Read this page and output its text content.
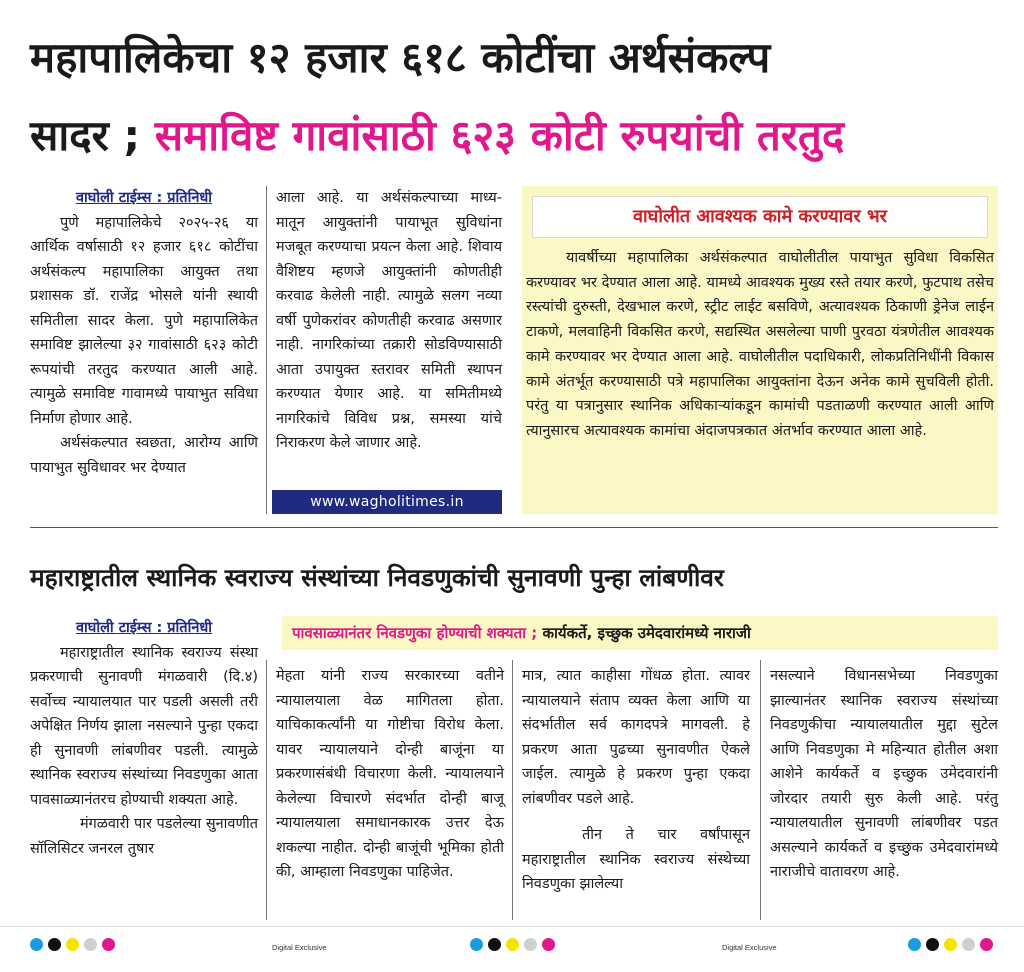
महापालिकेचा १२ हजार ६१८ कोटींचा अर्थसंकल्प
सादर ; समाविष्ट गावांसाठी ६२३ कोटी रुपयांची तरतुद
वाघोली टाईम्स : प्रतिनिधी

पुणे महापालिकेचे २०२५-२६ या आर्थिक वर्षासाठी १२ हजार ६१८ कोटींचा अर्थसंकल्प महापालिका आयुक्त तथा प्रशासक डॉ. राजेंद्र भोसले यांनी स्थायी समितीला सादर केला. पुणे महापालिकेत समाविष्ट झालेल्या ३२ गावांसाठी ६२३ कोटी रूपयांची तरतुद करण्यात आली आहे. त्यामुळे समाविष्ट गावामध्ये पायाभुत सविधा निर्माण होणार आहे.

अर्थसंकल्पात स्वछता, आरोग्य आणि पायाभुत सुविधावर भर देण्यात

आला आहे. या अर्थसंकल्पाच्या माध्य- मातून आयुक्तांनी पायाभूत सुविधांना मजबूत करण्याचा प्रयत्न केला आहे. शिवाय वैशिष्टय म्हणजे आयुक्तांनी कोणतीही करवाढ केलेली नाही. त्यामुळे सलग नव्या वर्षी पुणेकरांवर कोणतीही करवाढ असणार नाही. नागरिकांच्या तक्रारी सोडविण्यासाठी आता उपायुक्त स्तरावर समिती स्थापन करण्यात येणार आहे. या समितीमध्ये नागरिकांचे विविध प्रश्न, समस्या यांचे निराकरण केले जाणार आहे.

www.wagholitimes.in
वाघोलीत आवश्यक कामे करण्यावर भर
यावर्षीच्या महापालिका अर्थसंकल्पात वाघोलीतील पायाभुत सुविधा विकसित करण्यावर भर देण्यात आला आहे. यामध्ये आवश्यक मुख्य रस्ते तयार करणे, फुटपाथ तसेच रस्त्यांची दुरुस्ती, देखभाल करणे, स्ट्रीट लाईट बसविणे, अत्यावश्यक ठिकाणी ड्रेनेज लाईन टाकणे, मलवाहिनी विकसित करणे, सद्यस्थित असलेल्या पाणी पुरवठा यंत्रणेतील आवश्यक कामे करण्यावर भर देण्यात आला आहे. वाघोलीतील पदाधिकारी, लोकप्रतिनिधींनी विकास कामे अंतर्भूत करण्यासाठी पत्रे महापालिका आयुक्तांना देऊन अनेक कामे सुचविली होती. परंतु या पत्रानुसार स्थानिक अधिकाऱ्यांकडून कामांची पडताळणी करण्यात आली आणि त्यानुसारच अत्यावश्यक कामांचा अंदाजपत्रकात अंतर्भाव करण्यात आला आहे.
महाराष्ट्रातील स्थानिक स्वराज्य संस्थांच्या निवडणुकांची सुनावणी पुन्हा लांबणीवर
पावसाळ्यानंतर निवडणुका होण्याची शक्यता ; कार्यकर्ते, इच्छुक उमेदवारांमध्ये नाराजी
वाघोली टाईम्स : प्रतिनिधी

महाराष्ट्रातील स्थानिक स्वराज्य संस्था प्रकरणाची सुनावणी मंगळवारी (दि.४) सर्वोच्च न्यायालयात पार पडली असली तरी अपेक्षित निर्णय झाला नसल्याने पुन्हा एकदा ही सुनावणी लांबणीवर पडली. त्यामुळे स्थानिक स्वराज्य संस्थांच्या निवडणुका आता पावसाळ्यानंतरच होण्याची शक्यता आहे.

मंगळवारी पार पडलेल्या सुनावणीत सॉलिसिटर जनरल तुषार

मेहता यांनी राज्य सरकारच्या वतीने न्यायालयाला वेळ मागितला होता. याचिकाकर्त्यांनी या गोष्टीचा विरोध केला. यावर न्यायालयाने दोन्ही बाजूंना या प्रकरणासंबंधी विचारणा केली. न्यायालयाने केलेल्या विचारणे संदर्भात दोन्ही बाजू न्यायालयाला समाधानकारक उत्तर देऊ शकल्या नाहीत. दोन्ही बाजूंची भूमिका होती की, आम्हाला निवडणुका पाहिजेत.

मात्र, त्यात काहीसा गोंधळ होता. त्यावर न्यायालयाने संताप व्यक्त केला आणि या संदर्भातील सर्व कागदपत्रे मागवली. हे प्रकरण आता पुढच्या सुनावणीत ऐकले जाईल. त्यामुळे हे प्रकरण पुन्हा एकदा लांबणीवर पडले आहे.

तीन ते चार वर्षांपासून महाराष्ट्रातील स्थानिक स्वराज्य संस्थेच्या निवडणुका झालेल्या

नसल्याने विधानसभेच्या निवडणुका झाल्यानंतर स्थानिक स्वराज्य संस्थांच्या निवडणुकीचा न्यायालयातील मुद्दा सुटेल आणि निवडणुका मे महिन्यात होतील अशा आशेने कार्यकर्ते व इच्छुक उमेदवारांनी जोरदार तयारी सुरु केली आहे. परंतु न्यायालयातील सुनावणी लांबणीवर पडत असल्याने कार्यकर्ते व इच्छुक उमेदवारांमध्ये नाराजीचे वातावरण आहे.

Digital Exclusive	Digital Exclusive
